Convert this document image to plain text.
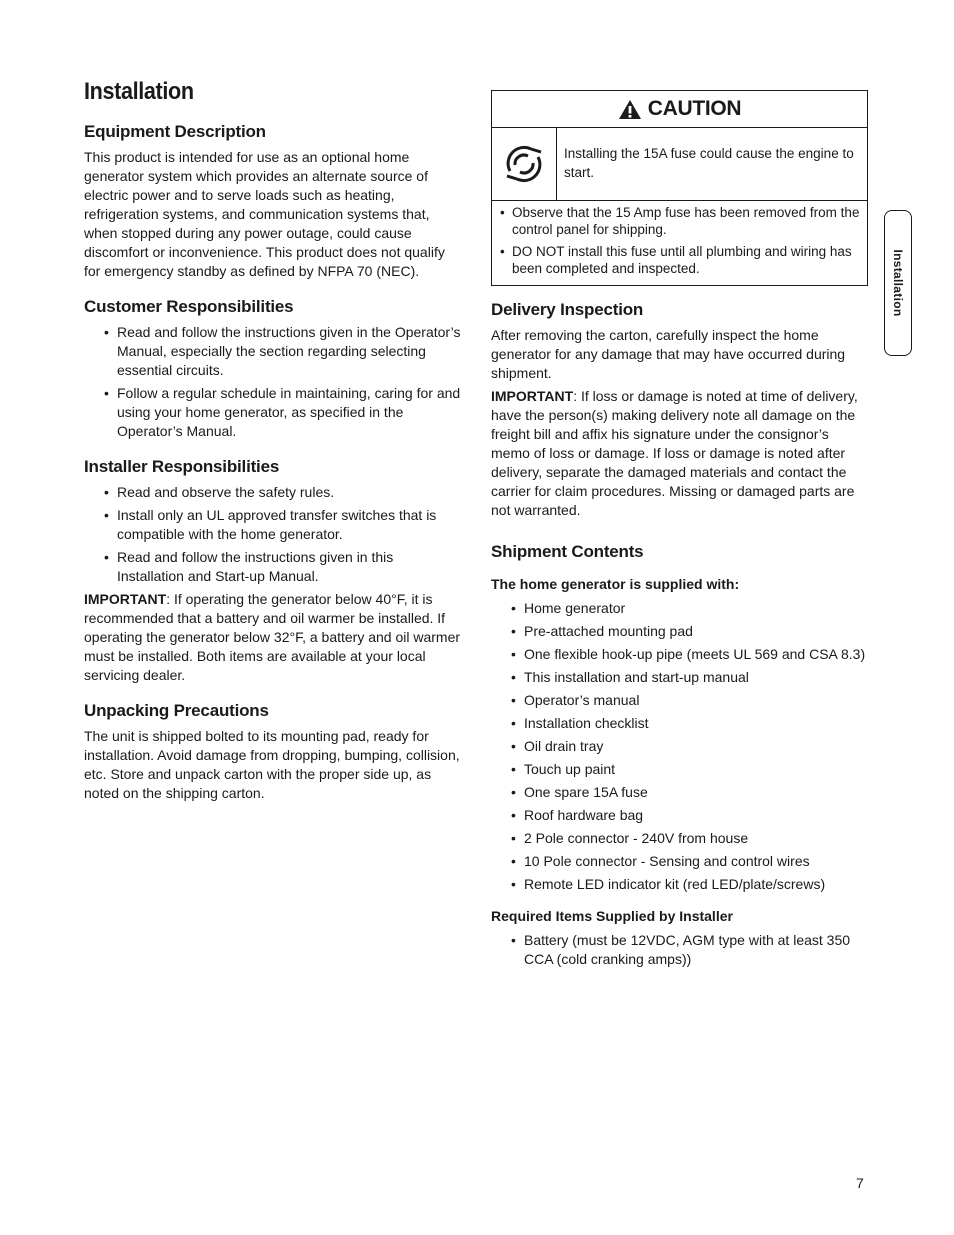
Installation
Equipment Description

This product is intended for use as an optional home generator system which provides an alternate source of electric power and to serve loads such as heating, refrigeration systems, and communication systems that, when stopped during any power outage, could cause discomfort or inconvenience. This product does not qualify for emergency standby as defined by NFPA 70 (NEC).

Customer Responsibilities
• Read and follow the instructions given in the Operator’s Manual, especially the section regarding selecting essential circuits.
• Follow a regular schedule in maintaining, caring for and using your home generator, as specified in the Operator’s Manual.
Installer Responsibilities
• Read and observe the safety rules.
• Install only an UL approved transfer switches that is compatible with the home generator.
• Read and follow the instructions given in this Installation and Start-up Manual.

IMPORTANT: If operating the generator below 40°F, it is recommended that a battery and oil warmer be installed. If operating the generator below 32°F, a battery and oil warmer must be installed. Both items are available at your local servicing dealer.

Unpacking Precautions

The unit is shipped bolted to its mounting pad, ready for installation. Avoid damage from dropping, bumping, collision, etc. Store and unpack carton with the proper side up, as noted on the shipping carton.

CAUTION
Installing the 15A fuse could cause the engine to start.
• Observe that the 15 Amp fuse has been removed from the control panel for shipping.
• DO NOT install this fuse until all plumbing and wiring has been completed and inspected.
Delivery Inspection

After removing the carton, carefully inspect the home generator for any damage that may have occurred during shipment.

IMPORTANT: If loss or damage is noted at time of delivery, have the person(s) making delivery note all damage on the freight bill and affix his signature under the consignor’s memo of loss or damage. If loss or damage is noted after delivery, separate the damaged materials and contact the carrier for claim procedures. Missing or damaged parts are not warranted.

Shipment Contents
The home generator is supplied with:
• Home generator
• Pre-attached mounting pad
• One flexible hook-up pipe (meets UL 569 and CSA 8.3)
• This installation and start-up manual
• Operator’s manual
• Installation checklist
• Oil drain tray
• Touch up paint
• One spare 15A fuse
• Roof hardware bag
• 2 Pole connector - 240V from house
• 10 Pole connector - Sensing and control wires
• Remote LED indicator kit (red LED/plate/screws)
Required Items Supplied by Installer
• Battery (must be 12VDC, AGM type with at least 350 CCA (cold cranking amps))
Installation
7
